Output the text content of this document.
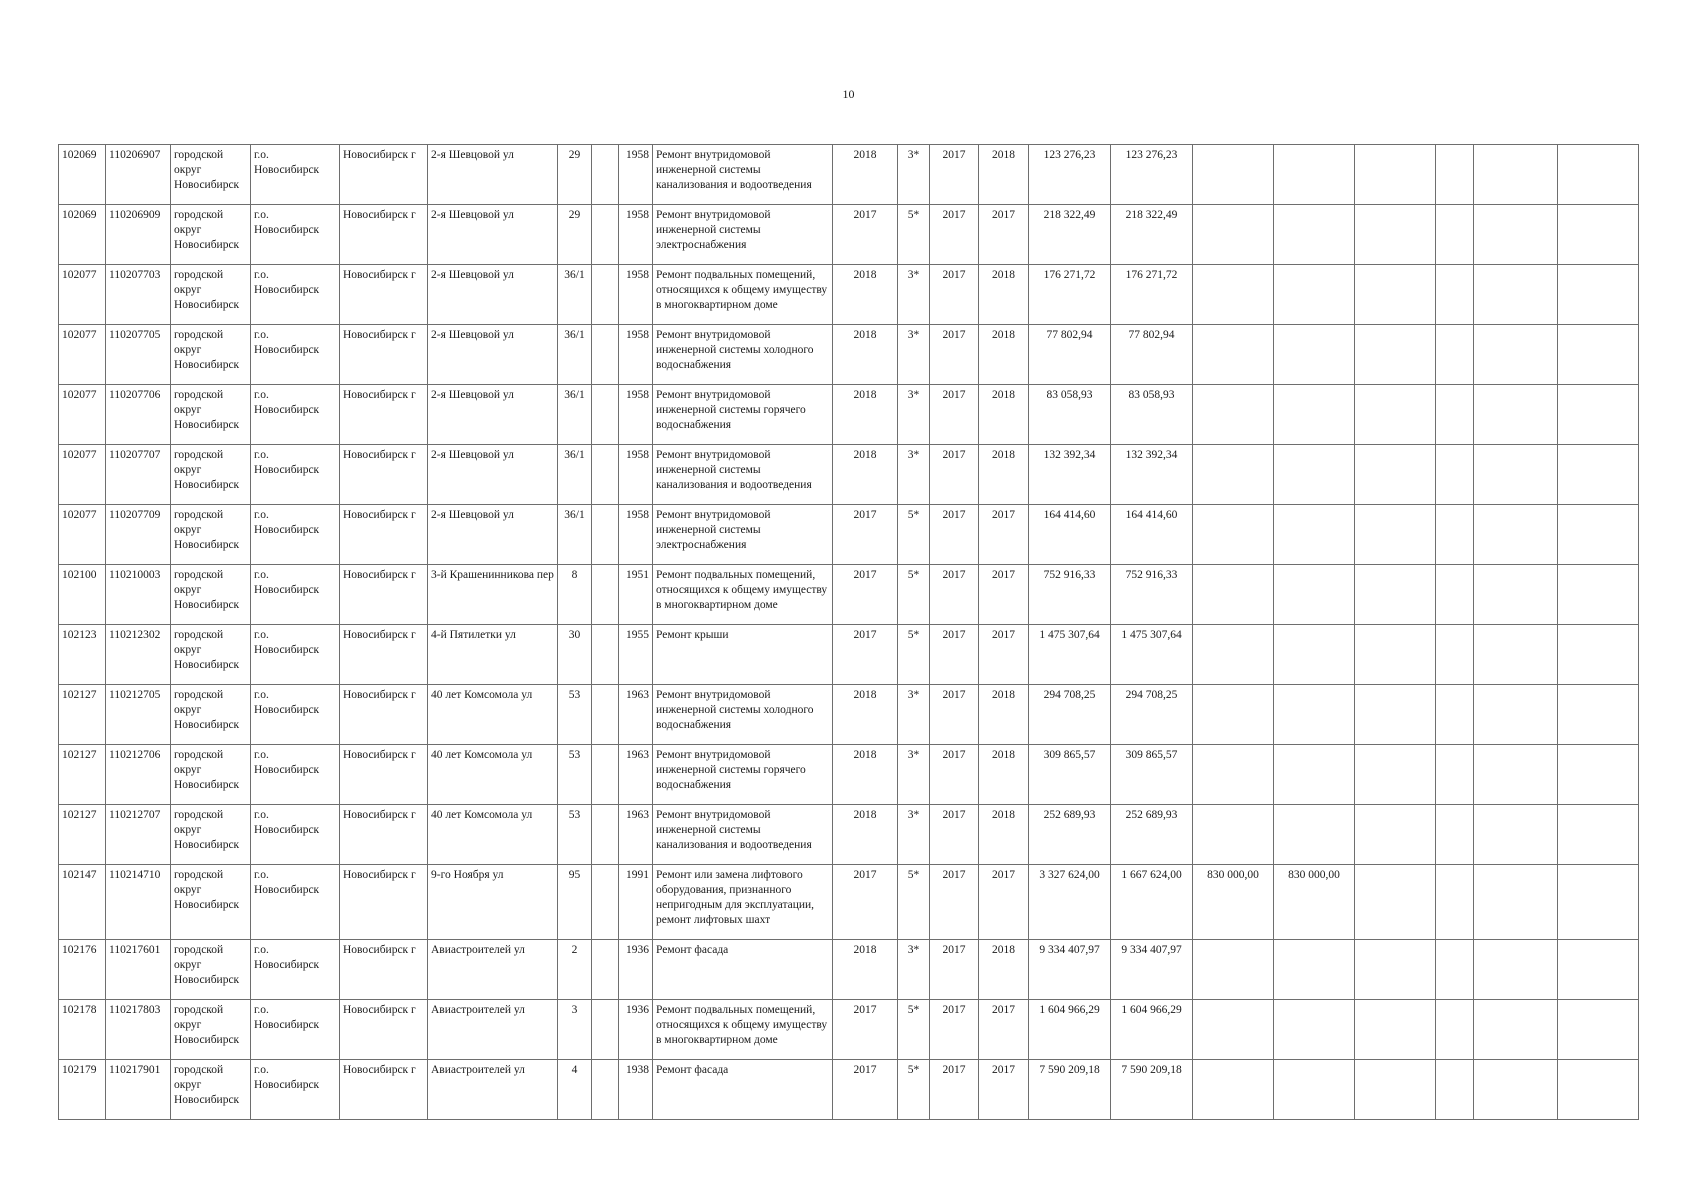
10
102069	110206907	городской округ Новосибирск	г.о. Новосибирск	Новосибирск г	2-я Шевцовой ул	29		1958	Ремонт внутридомовой инженерной системы канализования и водоотведения	2018	3*	2017	2018	123 276,23	123 276,23						
102069	110206909	городской округ Новосибирск	г.о. Новосибирск	Новосибирск г	2-я Шевцовой ул	29		1958	Ремонт внутридомовой инженерной системы электроснабжения	2017	5*	2017	2017	218 322,49	218 322,49						
102077	110207703	городской округ Новосибирск	г.о. Новосибирск	Новосибирск г	2-я Шевцовой ул	36/1		1958	Ремонт подвальных помещений, относящихся к общему имуществу в многоквартирном доме	2018	3*	2017	2018	176 271,72	176 271,72						
102077	110207705	городской округ Новосибирск	г.о. Новосибирск	Новосибирск г	2-я Шевцовой ул	36/1		1958	Ремонт внутридомовой инженерной системы холодного водоснабжения	2018	3*	2017	2018	77 802,94	77 802,94						
102077	110207706	городской округ Новосибирск	г.о. Новосибирск	Новосибирск г	2-я Шевцовой ул	36/1		1958	Ремонт внутридомовой инженерной системы горячего водоснабжения	2018	3*	2017	2018	83 058,93	83 058,93						
102077	110207707	городской округ Новосибирск	г.о. Новосибирск	Новосибирск г	2-я Шевцовой ул	36/1		1958	Ремонт внутридомовой инженерной системы канализования и водоотведения	2018	3*	2017	2018	132 392,34	132 392,34						
102077	110207709	городской округ Новосибирск	г.о. Новосибирск	Новосибирск г	2-я Шевцовой ул	36/1		1958	Ремонт внутридомовой инженерной системы электроснабжения	2017	5*	2017	2017	164 414,60	164 414,60						
102100	110210003	городской округ Новосибирск	г.о. Новосибирск	Новосибирск г	3-й Крашенинникова пер	8		1951	Ремонт подвальных помещений, относящихся к общему имуществу в многоквартирном доме	2017	5*	2017	2017	752 916,33	752 916,33						
102123	110212302	городской округ Новосибирск	г.о. Новосибирск	Новосибирск г	4-й Пятилетки ул	30		1955	Ремонт крыши	2017	5*	2017	2017	1 475 307,64	1 475 307,64						
102127	110212705	городской округ Новосибирск	г.о. Новосибирск	Новосибирск г	40 лет Комсомола ул	53		1963	Ремонт внутридомовой инженерной системы холодного водоснабжения	2018	3*	2017	2018	294 708,25	294 708,25						
102127	110212706	городской округ Новосибирск	г.о. Новосибирск	Новосибирск г	40 лет Комсомола ул	53		1963	Ремонт внутридомовой инженерной системы горячего водоснабжения	2018	3*	2017	2018	309 865,57	309 865,57						
102127	110212707	городской округ Новосибирск	г.о. Новосибирск	Новосибирск г	40 лет Комсомола ул	53		1963	Ремонт внутридомовой инженерной системы канализования и водоотведения	2018	3*	2017	2018	252 689,93	252 689,93						
102147	110214710	городской округ Новосибирск	г.о. Новосибирск	Новосибирск г	9-го Ноября ул	95		1991	Ремонт или замена лифтового оборудования, признанного непригодным для эксплуатации, ремонт лифтовых шахт	2017	5*	2017	2017	3 327 624,00	1 667 624,00	830 000,00	830 000,00				
102176	110217601	городской округ Новосибирск	г.о. Новосибирск	Новосибирск г	Авиастроителей ул	2		1936	Ремонт фасада	2018	3*	2017	2018	9 334 407,97	9 334 407,97						
102178	110217803	городской округ Новосибирск	г.о. Новосибирск	Новосибирск г	Авиастроителей ул	3		1936	Ремонт подвальных помещений, относящихся к общему имуществу в многоквартирном доме	2017	5*	2017	2017	1 604 966,29	1 604 966,29						
102179	110217901	городской округ Новосибирск	г.о. Новосибирск	Новосибирск г	Авиастроителей ул	4		1938	Ремонт фасада	2017	5*	2017	2017	7 590 209,18	7 590 209,18						
